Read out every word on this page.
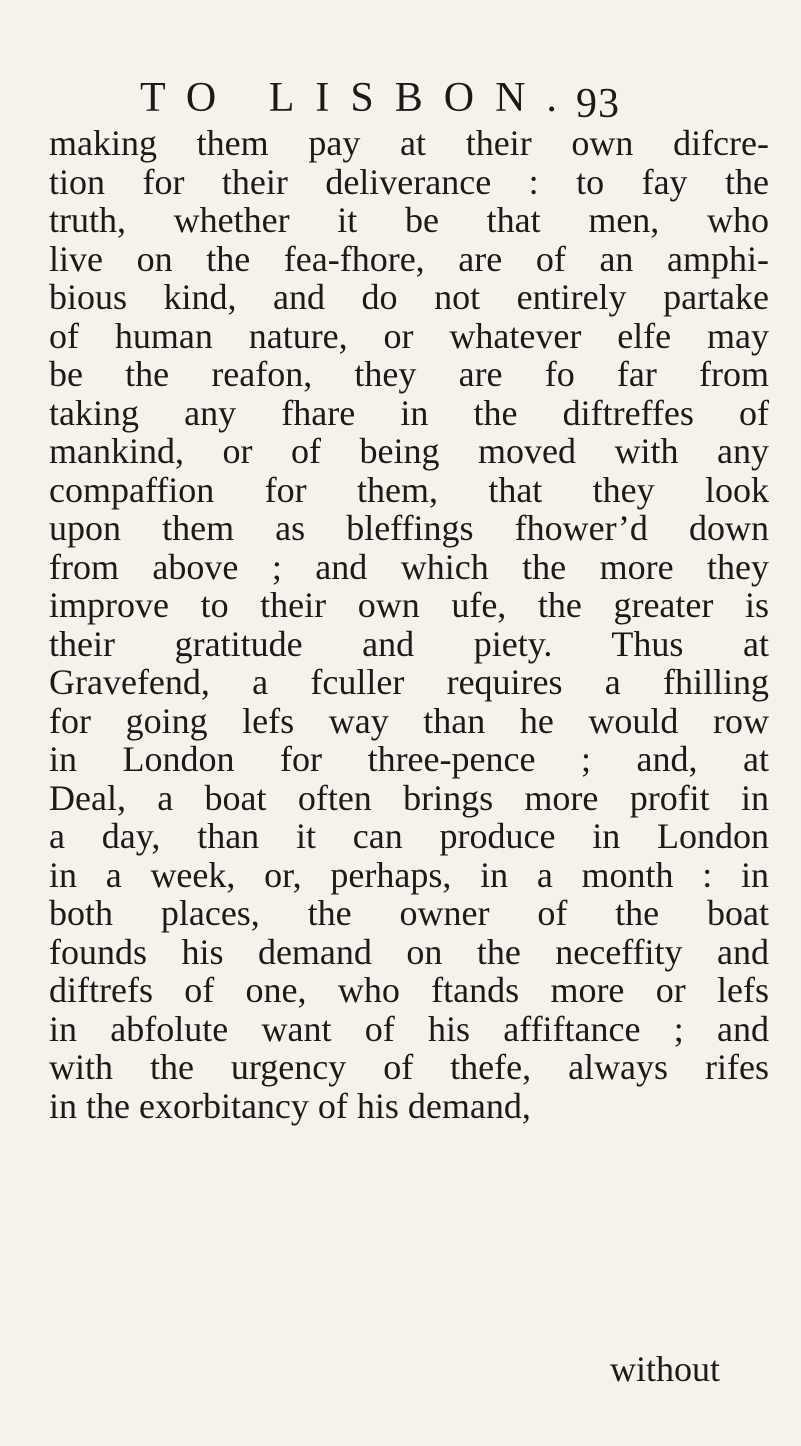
TO LISBON.
93
making them pay at their own difcre-
tion for their deliverance : to fay the
truth, whether it be that men, who
live on the fea-fhore, are of an amphi-
bious kind, and do not entirely partake
of human nature, or whatever elfe may
be the reafon, they are fo far from
taking any fhare in the diftreffes of
mankind, or of being moved with any
compaffion for them, that they look
upon them as bleffings fhower’d down
from above ; and which the more they
improve to their own ufe, the greater is
their gratitude and piety. Thus at
Gravefend, a fculler requires a fhilling
for going lefs way than he would row
in London for three-pence ; and, at
Deal, a boat often brings more profit in
a day, than it can produce in London
in a week, or, perhaps, in a month : in
both places, the owner of the boat
founds his demand on the neceffity and
diftrefs of one, who ftands more or lefs
in abfolute want of his affiftance ; and
with the urgency of thefe, always rifes
in the exorbitancy of his demand,
without
